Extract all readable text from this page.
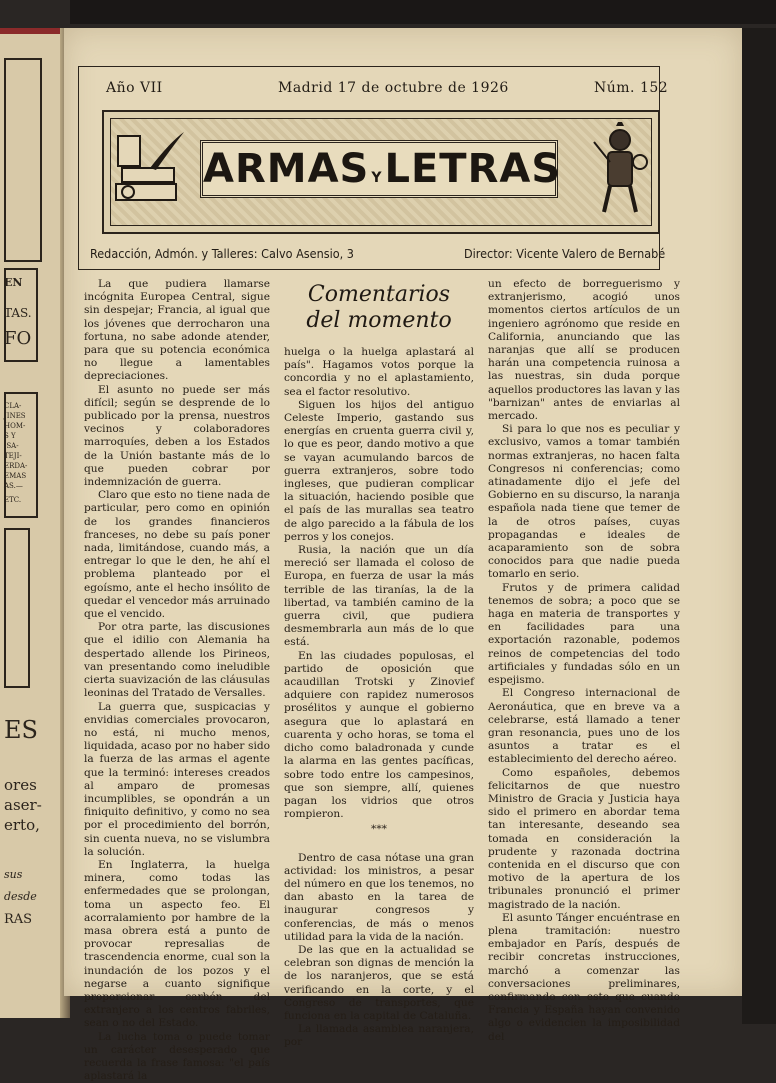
EN
TAS.
FO
CLA-
JINES
HOM-
S Y
-SA-
TEJI-
ERDA-
EMAS
AS.—
ETC.
ES
ores
aser-
erto,
sus
desde
RAS
Año VII	Madrid 17 de octubre de 1926	Núm. 152
ARMAS YLETRAS
Redacción, Admón. y Talleres: Calvo Asensio, 3	Director: Vicente Valero de Bernabé

La que pudiera llamarse incógnita Europea Central, sigue sin despejar; Francia, al igual que los jóvenes que derrocharon una fortuna, no sabe adonde atender, para que su potencia económica no llegue a lamentables depreciaciones.

El asunto no puede ser más difícil; según se desprende de lo publicado por la prensa, nuestros vecinos y colaboradores marroquíes, deben a los Estados de la Unión bastante más de lo que pueden cobrar por indemnización de guerra.

Claro que esto no tiene nada de particular, pero como en opinión de los grandes financieros franceses, no debe su país poner nada, limitándose, cuando más, a entregar lo que le den, he ahí el problema planteado por el egoísmo, ante el hecho insólito de quedar el vencedor más arruinado que el vencido.

Por otra parte, las discusiones que el idilio con Alemania ha despertado allende los Pirineos, van presentando como ineludible cierta suavización de las cláusulas leoninas del Tratado de Versalles.

La guerra que, suspicacias y envidias comerciales provocaron, no está, ni mucho menos, liquidada, acaso por no haber sido la fuerza de las armas el agente que la terminó: intereses creados al amparo de promesas incumplibles, se opondrán a un finiquito definitivo, y como no sea por el procedimiento del borrón, sin cuenta nueva, no se vislumbra la solución.

En Inglaterra, la huelga minera, como todas las enfermedades que se prolongan, toma un aspecto feo. El acorralamiento por hambre de la masa obrera está a punto de provocar represalias de trascendencia enorme, cual son la inundación de los pozos y el negarse a cuanto signifique proporcionar carbón del extranjero a los centros fabriles, sean o no del Estado.

La lucha toma o puede tomar un carácter desesperado que recuerda la frase famosa: "el país aplastará la

Comentarios
del momento

huelga o la huelga aplastará al país". Hagamos votos porque la concordia y no el aplastamiento, sea el factor resolutivo.

Siguen los hijos del antiguo Celeste Imperio, gastando sus energías en cruenta guerra civil y, lo que es peor, dando motivo a que se vayan acumulando barcos de guerra extranjeros, sobre todo ingleses, que pudieran complicar la situación, haciendo posible que el país de las murallas sea teatro de algo parecido a la fábula de los perros y los conejos.

Rusia, la nación que un día mereció ser llamada el coloso de Europa, en fuerza de usar la más terrible de las tiranías, la de la libertad, va también camino de la guerra civil, que pudiera desmembrarla aun más de lo que está.

En las ciudades populosas, el partido de oposición que acaudillan Trotski y Zinovief adquiere con rapidez numerosos prosélitos y aunque el gobierno asegura que lo aplastará en cuarenta y ocho horas, se toma el dicho como baladronada y cunde la alarma en las gentes pacíficas, sobre todo entre los campesinos, que son siempre, allí, quienes pagan los vidrios que otros rompieron.

***

Dentro de casa nótase una gran actividad: los ministros, a pesar del número en que los tenemos, no dan abasto en la tarea de inaugurar congresos y conferencias, de más o menos utilidad para la vida de la nación.

De las que en la actualidad se celebran son dignas de mención la de los naranjeros, que se está verificando en la corte, y el Congreso de transportes, que funciona en la capital de Cataluña.

La llamada asamblea naranjera, por

un efecto de borreguerismo y extranjerismo, acogió unos momentos ciertos artículos de un ingeniero agrónomo que reside en California, anunciando que las naranjas que allí se producen harán una competencia ruinosa a las nuestras, sin duda porque aquellos productores las lavan y las "barnizan" antes de enviarlas al mercado.

Si para lo que nos es peculiar y exclusivo, vamos a tomar también normas extranjeras, no hacen falta Congresos ni conferencias; como atinadamente dijo el jefe del Gobierno en su discurso, la naranja española nada tiene que temer de la de otros países, cuyas propagandas e ideales de acaparamiento son de sobra conocidos para que nadie pueda tomarlo en serio.

Frutos y de primera calidad tenemos de sobra; a poco que se haga en materia de transportes y en facilidades para una exportación razonable, podemos reinos de competencias del todo artificiales y fundadas sólo en un espejismo.

El Congreso internacional de Aeronáutica, que en breve va a celebrarse, está llamado a tener gran resonancia, pues uno de los asuntos a tratar es el establecimiento del derecho aéreo.

Como españoles, debemos felicitarnos de que nuestro Ministro de Gracia y Justicia haya sido el primero en abordar tema tan interesante, deseando sea tomada en consideración la prudente y razonada doctrina contenida en el discurso que con motivo de la apertura de los tribunales pronunció el primer magistrado de la nación.

El asunto Tánger encuéntrase en plena tramitación: nuestro embajador en París, después de recibir concretas instrucciones, marchó a comenzar las conversaciones preliminares, confirmando con esto que cuando Francia y España hayan convenido algo o evidencien la imposibilidad del
